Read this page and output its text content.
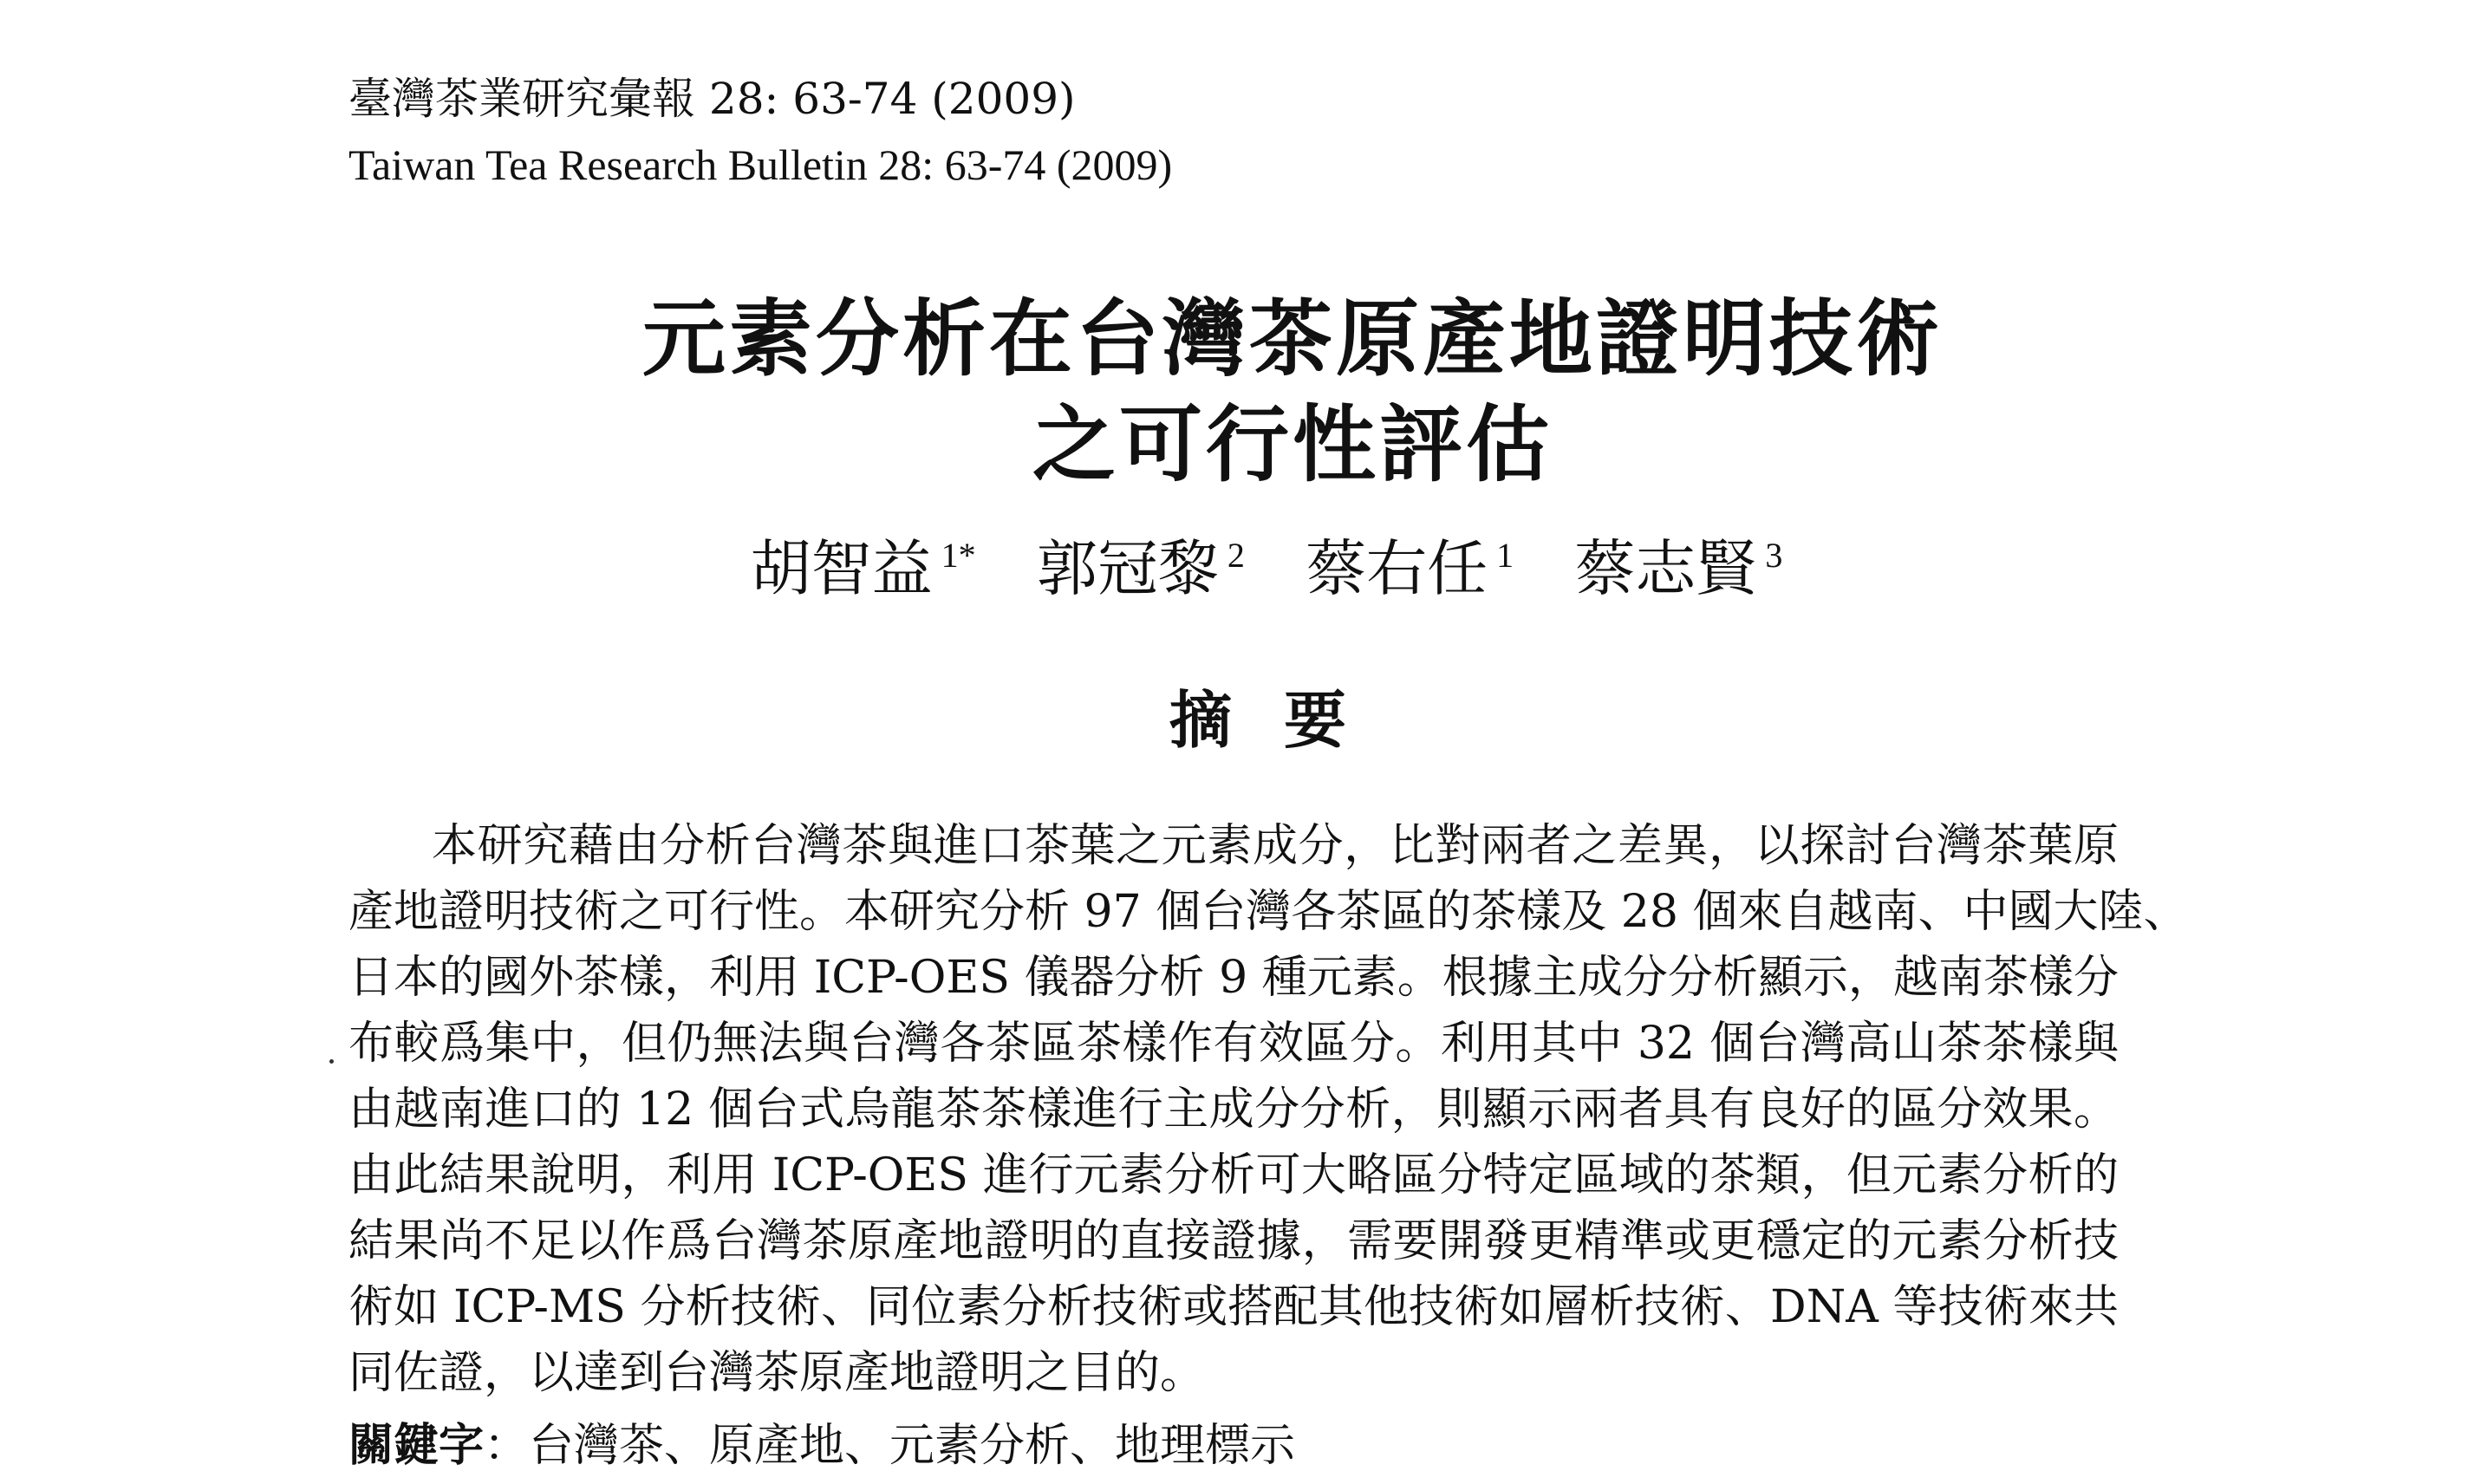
臺灣茶業研究彙報 28: 63-74 (2009)
Taiwan Tea Research Bulletin 28: 63-74 (2009)
元素分析在台灣茶原產地證明技術
之可行性評估
胡智益 $^{1*}$ 郭冠黎 $^2$ 蔡右任 $^1$ 蔡志賢 $^3$
摘要
本研究藉由分析台灣茶與進口茶葉之元素成分，比對兩者之差異，以探討台灣茶葉原
產地證明技術之可行性。本研究分析 97 個台灣各茶區的茶樣及 28 個來自越南、中國大陸、
日本的國外茶樣，利用 ICP-OES 儀器分析 9 種元素。根據主成分分析顯示，越南茶樣分
布較爲集中，但仍無法與台灣各茶區茶樣作有效區分。利用其中 32 個台灣高山茶茶樣與
由越南進口的 12 個台式烏龍茶茶樣進行主成分分析，則顯示兩者具有良好的區分效果。
由此結果說明，利用 ICP-OES 進行元素分析可大略區分特定區域的茶類，但元素分析的
結果尚不足以作爲台灣茶原產地證明的直接證據，需要開發更精準或更穩定的元素分析技
術如 ICP-MS 分析技術、同位素分析技術或搭配其他技術如層析技術、DNA 等技術來共
同佐證，以達到台灣茶原產地證明之目的。
關鍵字：台灣茶、原產地、元素分析、地理標示
